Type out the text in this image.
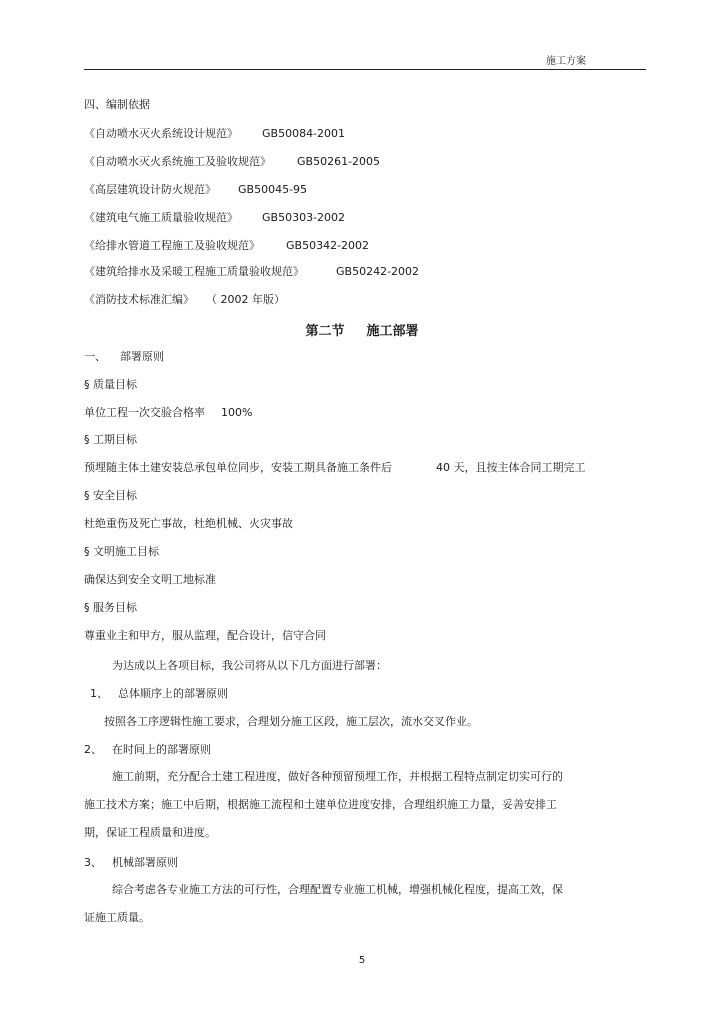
施工方案
四、编制依据
《自动喷水灭火系统设计规范》 GB50084-2001
《自动喷水灭火系统施工及验收规范》 GB50261-2005
《高层建筑设计防火规范》 GB50045-95
《建筑电气施工质量验收规范》 GB50303-2002
《给排水管道工程施工及验收规范》 GB50342-2002
《建筑给排水及采暖工程施工质量验收规范》	GB50242-2002
《消防技术标准汇编》 （ 2002 年版）
第二节 施工部署
一、 部署原则
§ 质量目标
单位工程一次交验合格率 100%
§ 工期目标
预埋随主体土建安装总承包单位同步，安装工期具备施工条件后	40 天，且按主体合同工期完工
§ 安全目标
杜绝重伤及死亡事故，杜绝机械、火灾事故
§ 文明施工目标
确保达到安全文明工地标准
§ 服务目标
尊重业主和甲方，服从监理，配合设计，信守合同
为达成以上各项目标，我公司将从以下几方面进行部署：
1、 总体顺序上的部署原则
按照各工序逻辑性施工要求，合理划分施工区段，施工层次，流水交叉作业。
2、 在时间上的部署原则
施工前期，充分配合土建工程进度，做好各种预留预埋工作，并根据工程特点制定切实可行的
施工技术方案；施工中后期，根据施工流程和土建单位进度安排，合理组织施工力量，妥善安排工
期，保证工程质量和进度。
3、 机械部署原则
综合考虑各专业施工方法的可行性，合理配置专业施工机械，增强机械化程度，提高工效，保
证施工质量。
5
